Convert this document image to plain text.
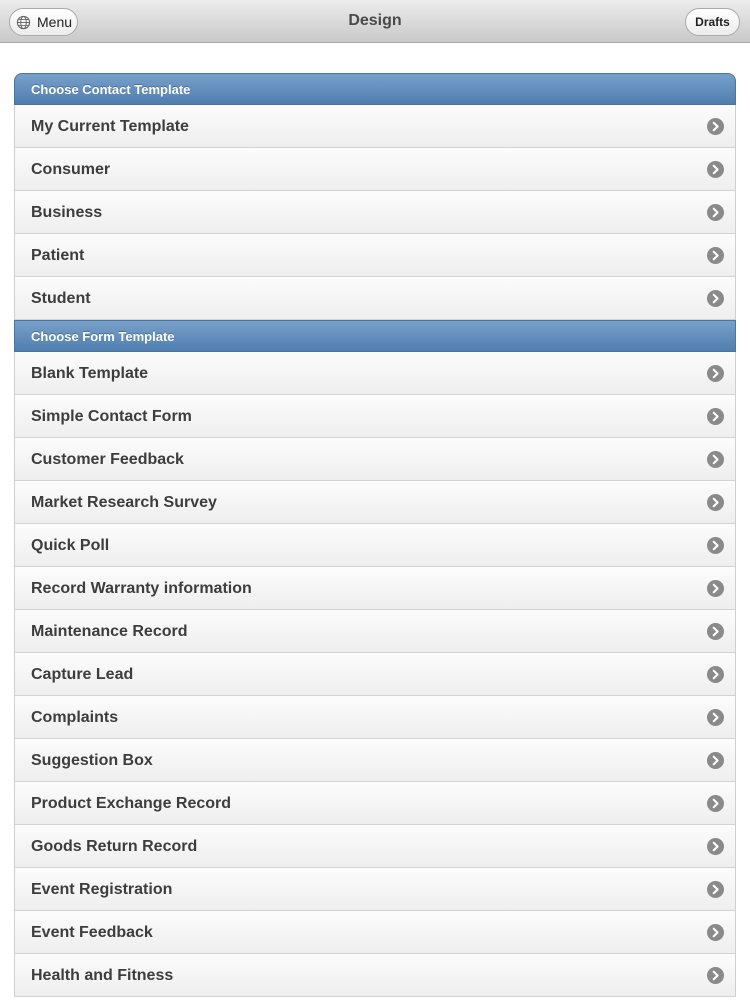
Menu	Design	Drafts
Choose Contact Template
My Current Template
Consumer
Business
Patient
Student
Choose Form Template
Blank Template
Simple Contact Form
Customer Feedback
Market Research Survey
Quick Poll
Record Warranty information
Maintenance Record
Capture Lead
Complaints
Suggestion Box
Product Exchange Record
Goods Return Record
Event Registration
Event Feedback
Health and Fitness
